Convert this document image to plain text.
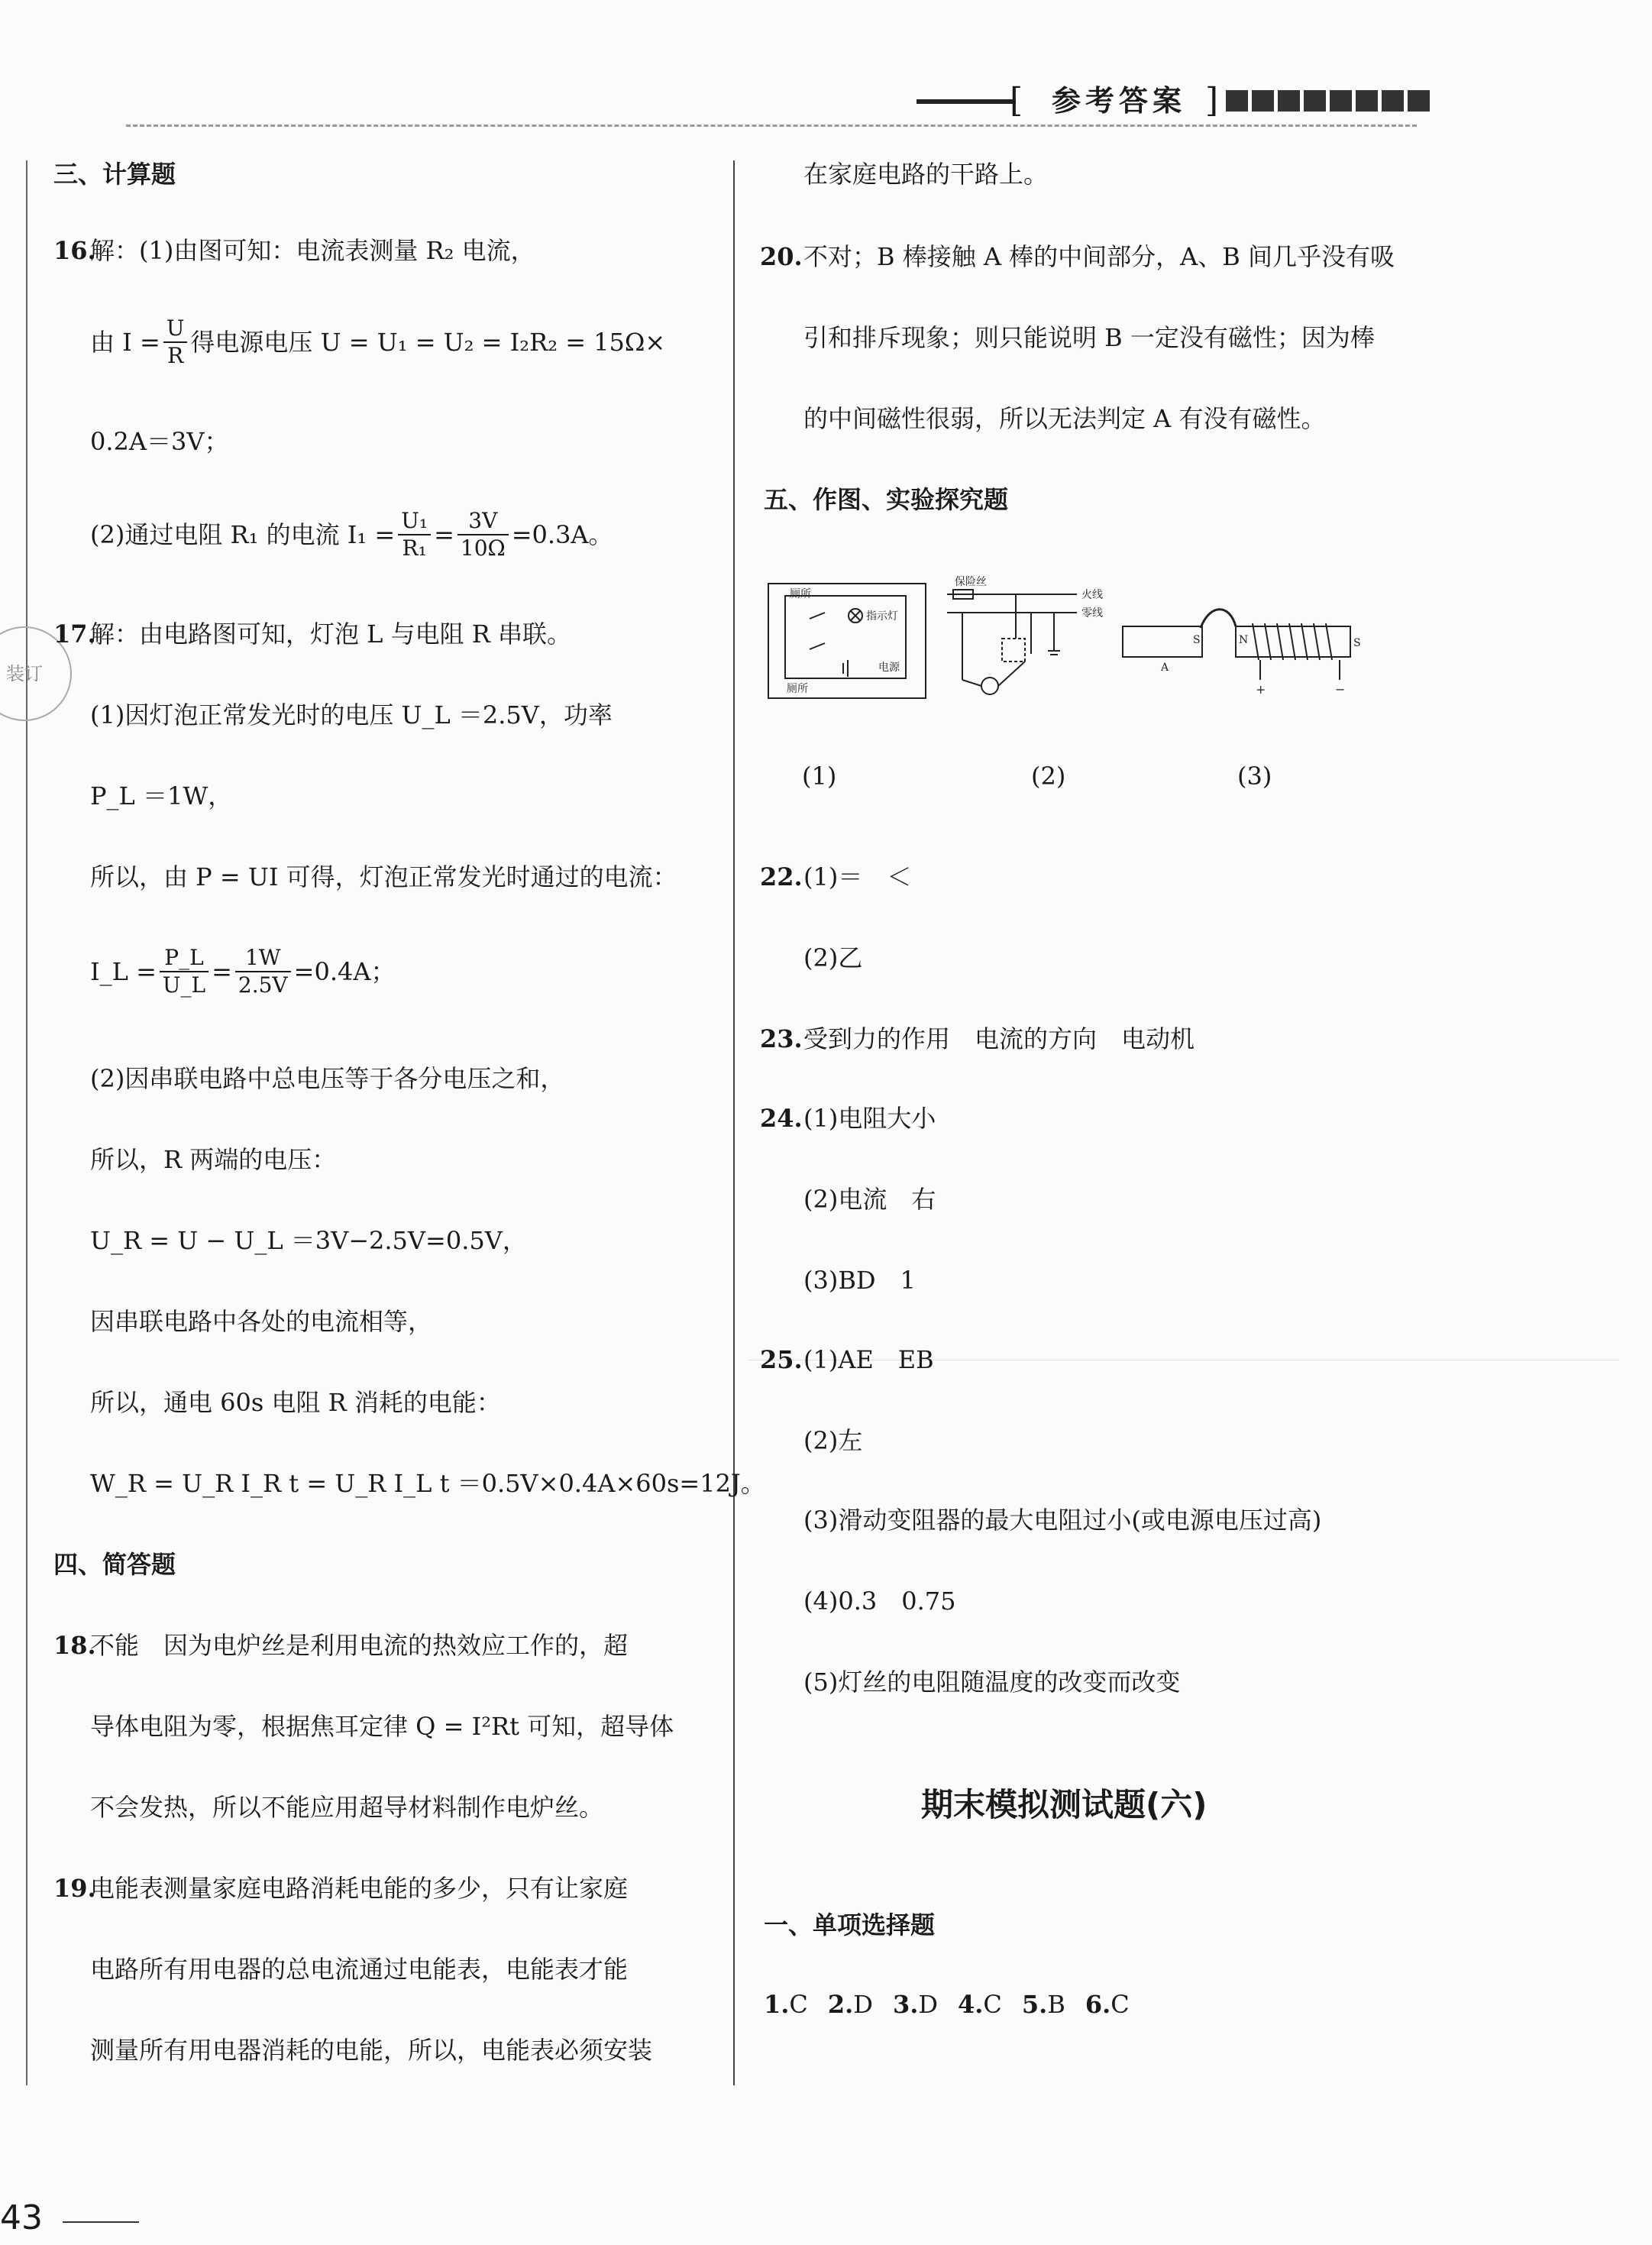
[ 参考答案 ]
装订
三、计算题
16.
解：(1)由图可知：电流表测量 R₂ 电流，
由 $I = \frac{U}{R}$ 得电源电压 U = U₁ = U₂ = I₂R₂ = 15Ω×
0.2A＝3V；
(2)通过电阻 R₁ 的电流 $I_1 = \frac{\text{U₁}}{\text{R₁}} = \frac{3V}{10\Omega} =0.3A$。
17.
解：由电路图可知，灯泡 L 与电阻 R 串联。
(1)因灯泡正常发光时的电压 U_L ＝2.5V，功率
P_L ＝1W，
所以，由 P = UI 可得，灯泡正常发光时通过的电流：
I_L = $\frac{P\_L}{U\_L} = \frac{1W}{2.5V} =0.4A$；
(2)因串联电路中总电压等于各分电压之和，
所以，R 两端的电压：
U_R = U − U_L ＝3V−2.5V=0.5V，
因串联电路中各处的电流相等，
所以，通电 60s 电阻 R 消耗的电能：
W_R = U_R I_R t = U_R I_L t ＝0.5V×0.4A×60s=12J。
四、简答题
18.
不能　因为电炉丝是利用电流的热效应工作的，超
导体电阻为零，根据焦耳定律 Q = I²Rt 可知，超导体
不会发热，所以不能应用超导材料制作电炉丝。
19.
电能表测量家庭电路消耗电能的多少，只有让家庭
电路所有用电器的总电流通过电能表，电能表才能
测量所有用电器消耗的电能，所以，电能表必须安装
43
在家庭电路的干路上。
20. 不对；B 棒接触 A 棒的中间部分，A、B 间几乎没有吸
引和排斥现象；则只能说明 B 一定没有磁性；因为棒
的中间磁性很弱，所以无法判定 A 有没有磁性。
五、作图、实验探究题
厕所
指示灯
电源
厕所
保险丝
火线
零线
S
A
N	S
+	−
(1)	(2)	(3)
22. (1)＝　＜
(2)乙
23. 受到力的作用　电流的方向　电动机
24. (1)电阻大小
(2)电流　右
(3)BD　1
25. (1)AE　EB
(2)左
(3)滑动变阻器的最大电阻过小(或电源电压过高)
(4)0.3　0.75
(5)灯丝的电阻随温度的改变而改变
期末模拟测试题(六)
一、单项选择题
1.C 2.D 3.D 4.C 5.B 6.C
